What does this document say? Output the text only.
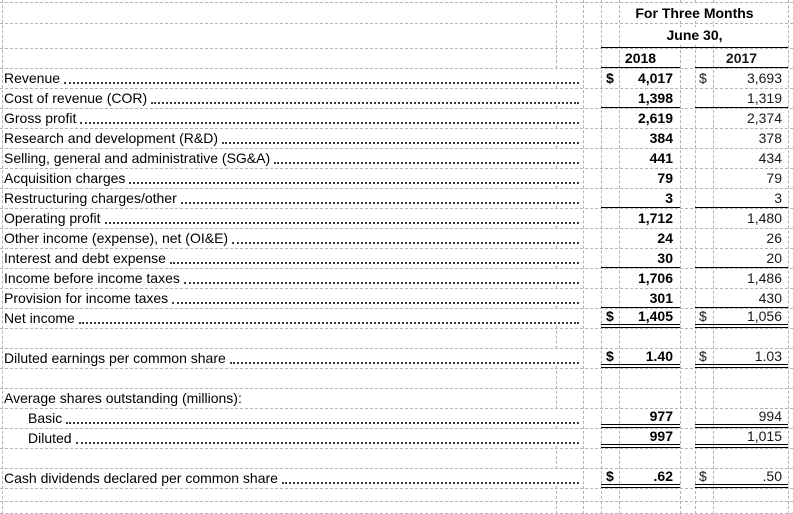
For Three Months
June 30,
2018	2017
Revenue	$	4,017	$	3,693
Cost of revenue (COR)	1,398	1,319
Gross profit	2,619	2,374
Research and development (R&D)	384	378
Selling, general and administrative (SG&A)	441	434
Acquisition charges	79	79
Restructuring charges/other	3	3
Operating profit	1,712	1,480
Other income (expense), net (OI&E)	24	26
Interest and debt expense	30	20
Income before income taxes	1,706	1,486
Provision for income taxes	301	430
Net income	$	1,405	$	1,056
Diluted earnings per common share	$	1.40	$	1.03
Average shares outstanding (millions):
Basic	977	994
Diluted	997	1,015
Cash dividends declared per common share	$	.62	$	.50
